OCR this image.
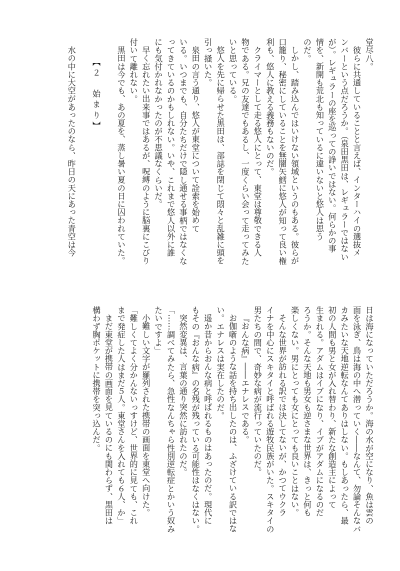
堂尽八。
彼らに共通していることと言えば、インターハイの選抜メ
ンバーという点だろうか。（泉田黒田は、レギュラーではない
が）。レギュラーの座を巡っての諍いではない。何らかの事
情を、新開も荒北も知っているに違いないと悠人は思う
のだ。
しかし、踏み込んではいけない領域というのもある。彼らが
口籠り、秘密にしていることを無闇矢鱈に悠人が知って良い権
利も、悠人に教える義務もないのだ。
クライマーとして走る悠人にとって、東堂は尊敬できる人
物である。兄の友達でもあるし、一度くらい会って走ってみた
いと思っている。
悠人を先に帰らせた黒田は、部誌を閉じて悶々と乱雑に頭を
引っ掻いた。
泉田の言う通り、悠人が東堂について詮索を始めて
いる。いつまでも、自分たちだけで隠し通せる事柄ではなくな
ってきているのかもしれない。いや、これまで悠人以外に誰
にも気付かれなかったのが不思議なくらいだ。
早く忘れたい出来事ではあるが、呪縛のように脳裏にこびり
付いて離れない。
黒田は今でも、あの夏を、蒸し暑い夏の日に囚われていた。
【２　始まり】
水の中に大空があったのなら、昨日の天にあった青空は今
日は海になっていただろうか。海の水が空になり、魚は雲の
面を泳ぎ、鳥は海の中へ潜っていく――なんて、勿論そんなバ
カみたいな天地逆転なんてありはしない。もしあったら、最
初の人間も男と女が入れ替わり、新たな創造主によって
生まれる。アダムはイブになり、イブがアダムになるのだ
ろうか。そんな天地も男女も逆さまな世界は、きっと何も
楽しくない。男にとっても女にとっても良いことはない。
そんな世界が訪れる訳では決してないが、かつてウクラ
イナを中心にスキタイと呼ばれる遊牧民族がいた。スキタイの
男たちの間で、奇妙な病が流行っていたのだ。
『おんな病』――エナレスである。
お伽噺のような話を持ち出したのは、ふざけている訳ではな
い。エナレスは実在したのだ。
遥か昔からおんな病と呼ばれるものはあったのだ。現代に
もその『おんな病』の名残が残っている可能性はなくはない。
突然変異は、言葉の通り突然に訪れたのだ。
「……調べてみたら、急性なんちゃら性別逆転症とかいう奴み
たいですよ」
小難しい文字が羅列された携帯の画面を東堂へ向けた。
「難しくてよく分かんないっすけど、世界的に見ても、これ
まで発症した人はまだ５人。東堂さんを入れても６人、か」
まだ東堂が携帯の画面を見ているのにも関わらず、黒田は
構わず胸ポケットに携帯を突っ込んだ。
